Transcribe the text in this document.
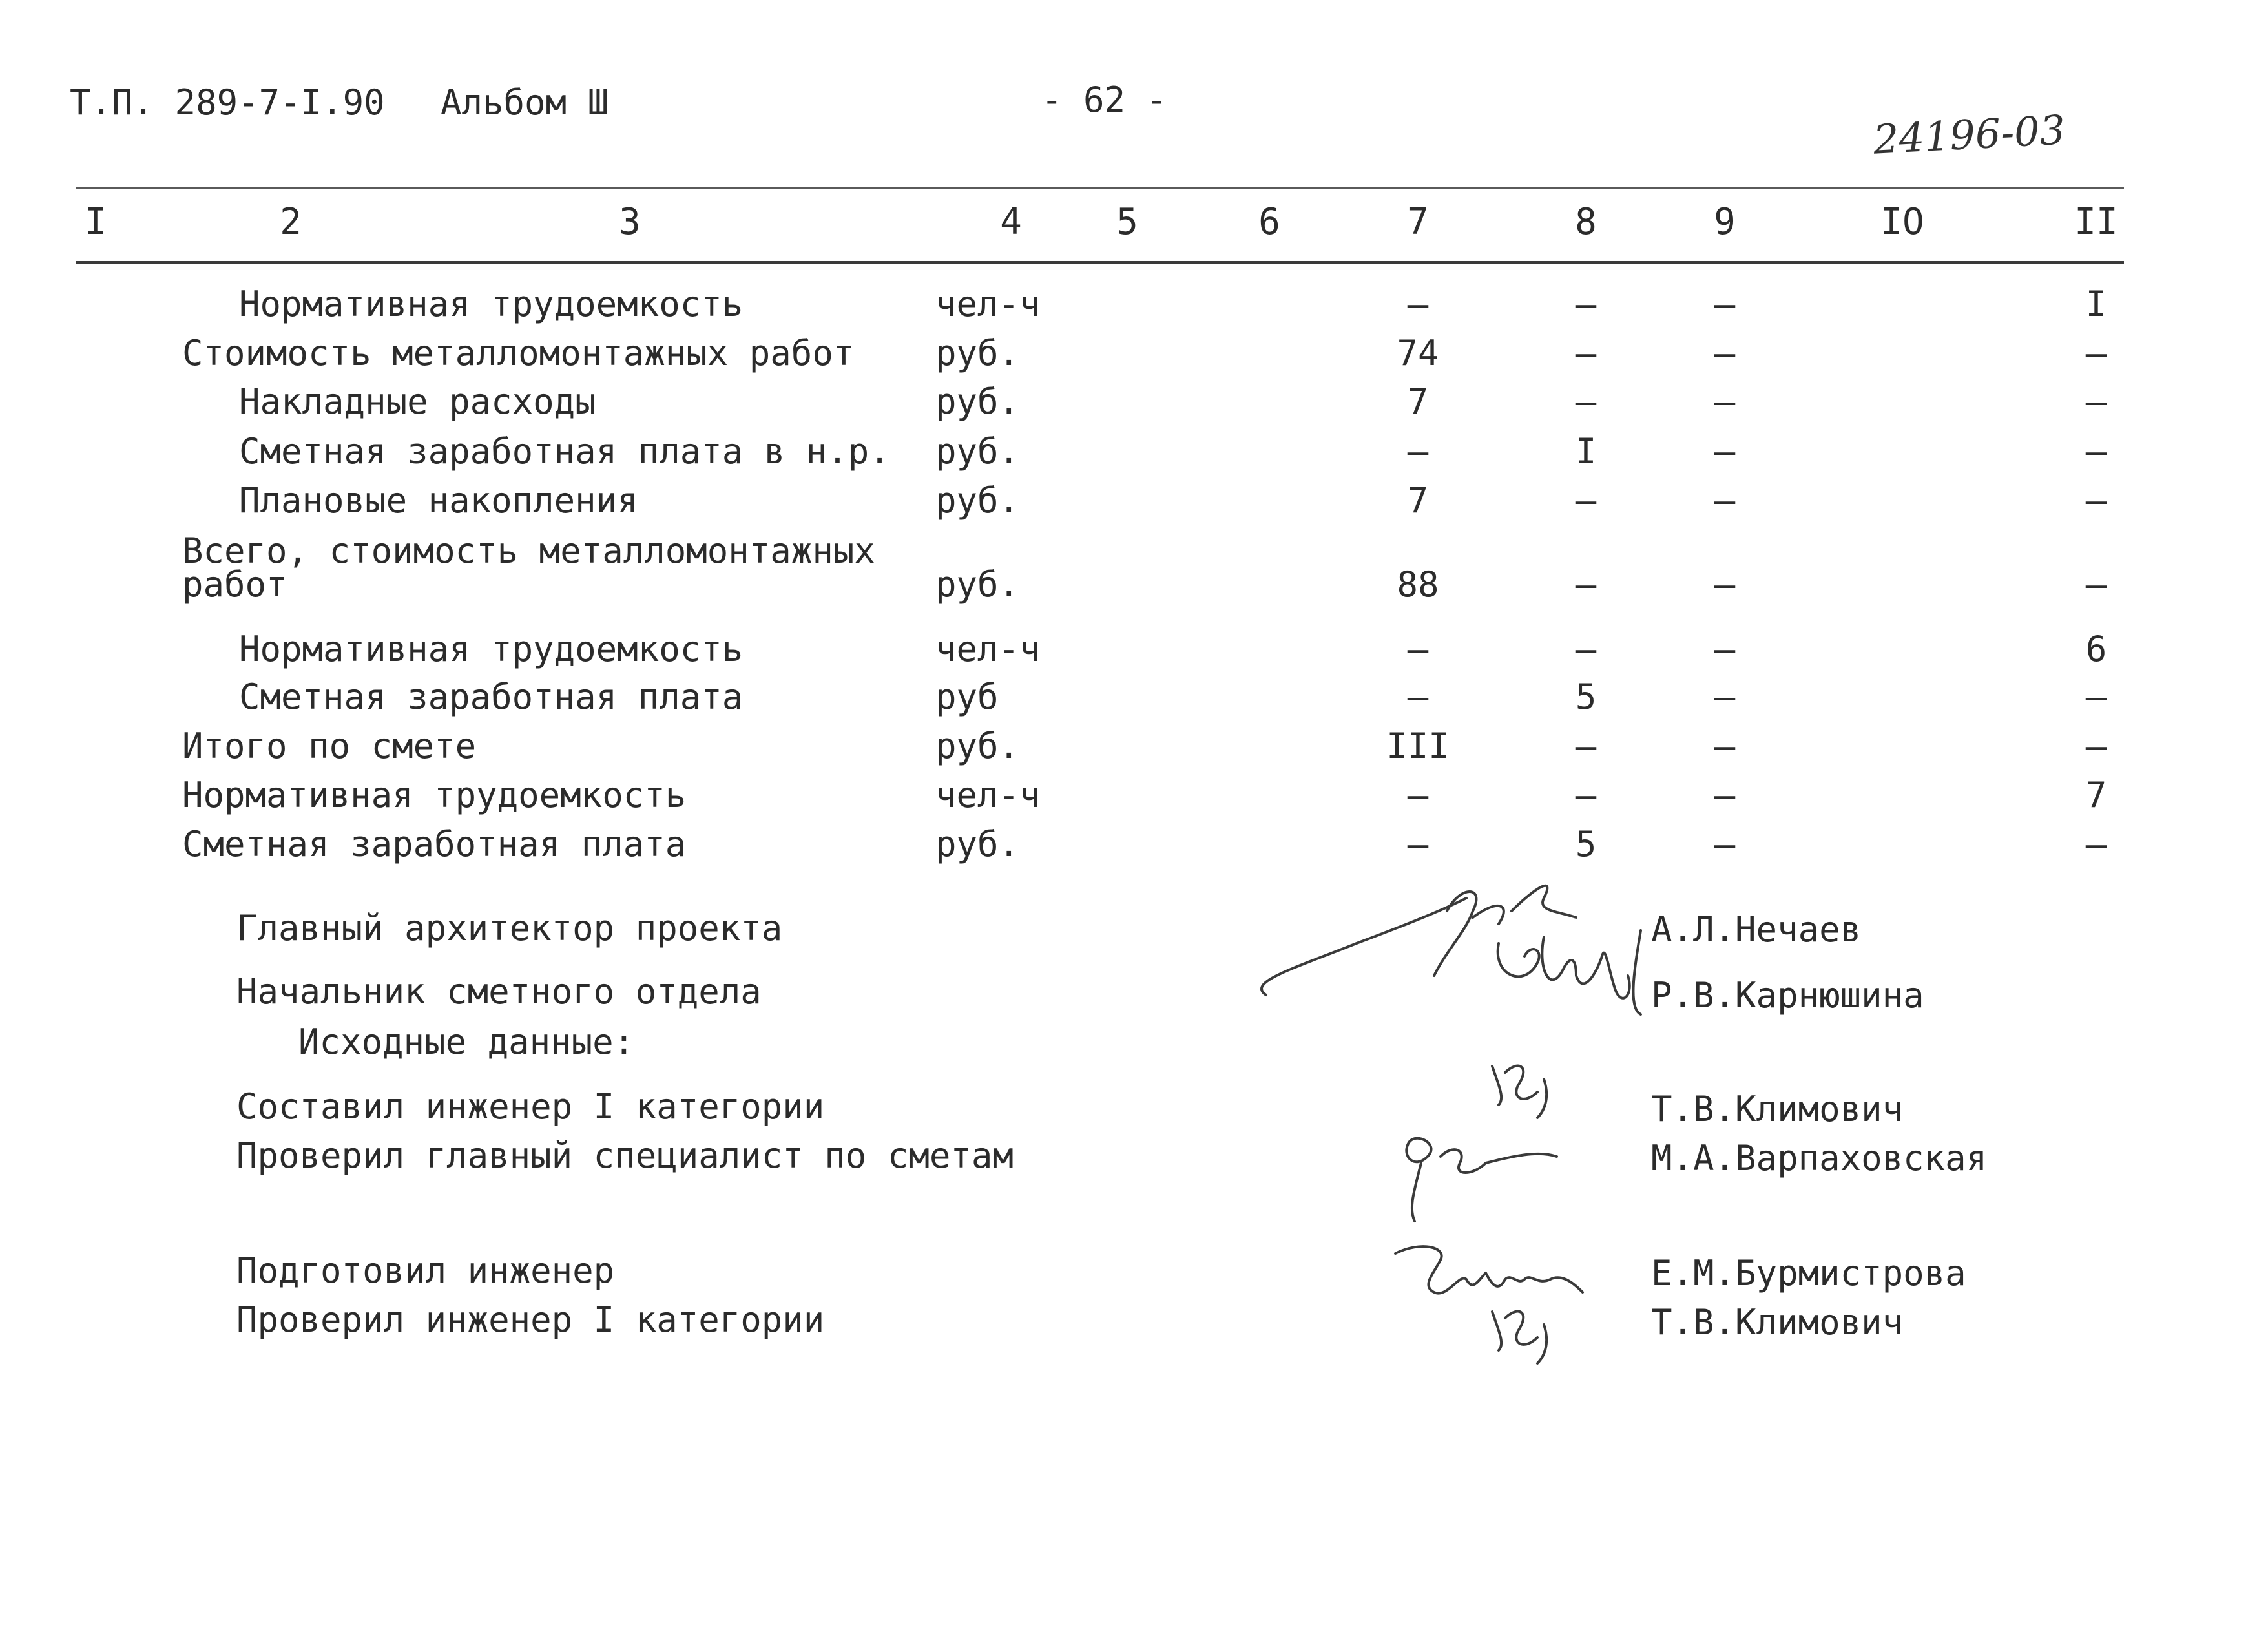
Т.П. 289-7-I.90 Альбом Ш	- 62 -
24196-03
I	2	3	4	5	6	7	8	9	IO	II
Нормативная трудоемкость	чел-ч	–	–	–	I
Стоимость металломонтажных работ руб.	74	–	–	–
Накладные расходы	руб.	7	–	–	–
Сметная заработная плата в н.р. руб.	–	I	–	–
Плановые накопления	руб.	7	–	–	–
Всего, стоимость металломонтажных
работ	руб.	88	–	–	–
Нормативная трудоемкость	чел-ч	–	–	–	6
Сметная заработная плата	руб	–	5	–	–
Итого по смете	руб.	III	–	–	–
Нормативная трудоемкость	чел-ч	–	–	–	7
Сметная заработная плата	руб.	–	5	–	–
Главный архитектор проекта	А.Л.Нечаев
Начальник сметного отдела	Р.В.Карнюшина
Исходные данные:
Составил инженер I категории	Т.В.Климович
Проверил главный специалист по сметам	М.А.Варпаховская
Подготовил инженер	Е.М.Бурмистрова
Проверил инженер I категории	Т.В.Климович
